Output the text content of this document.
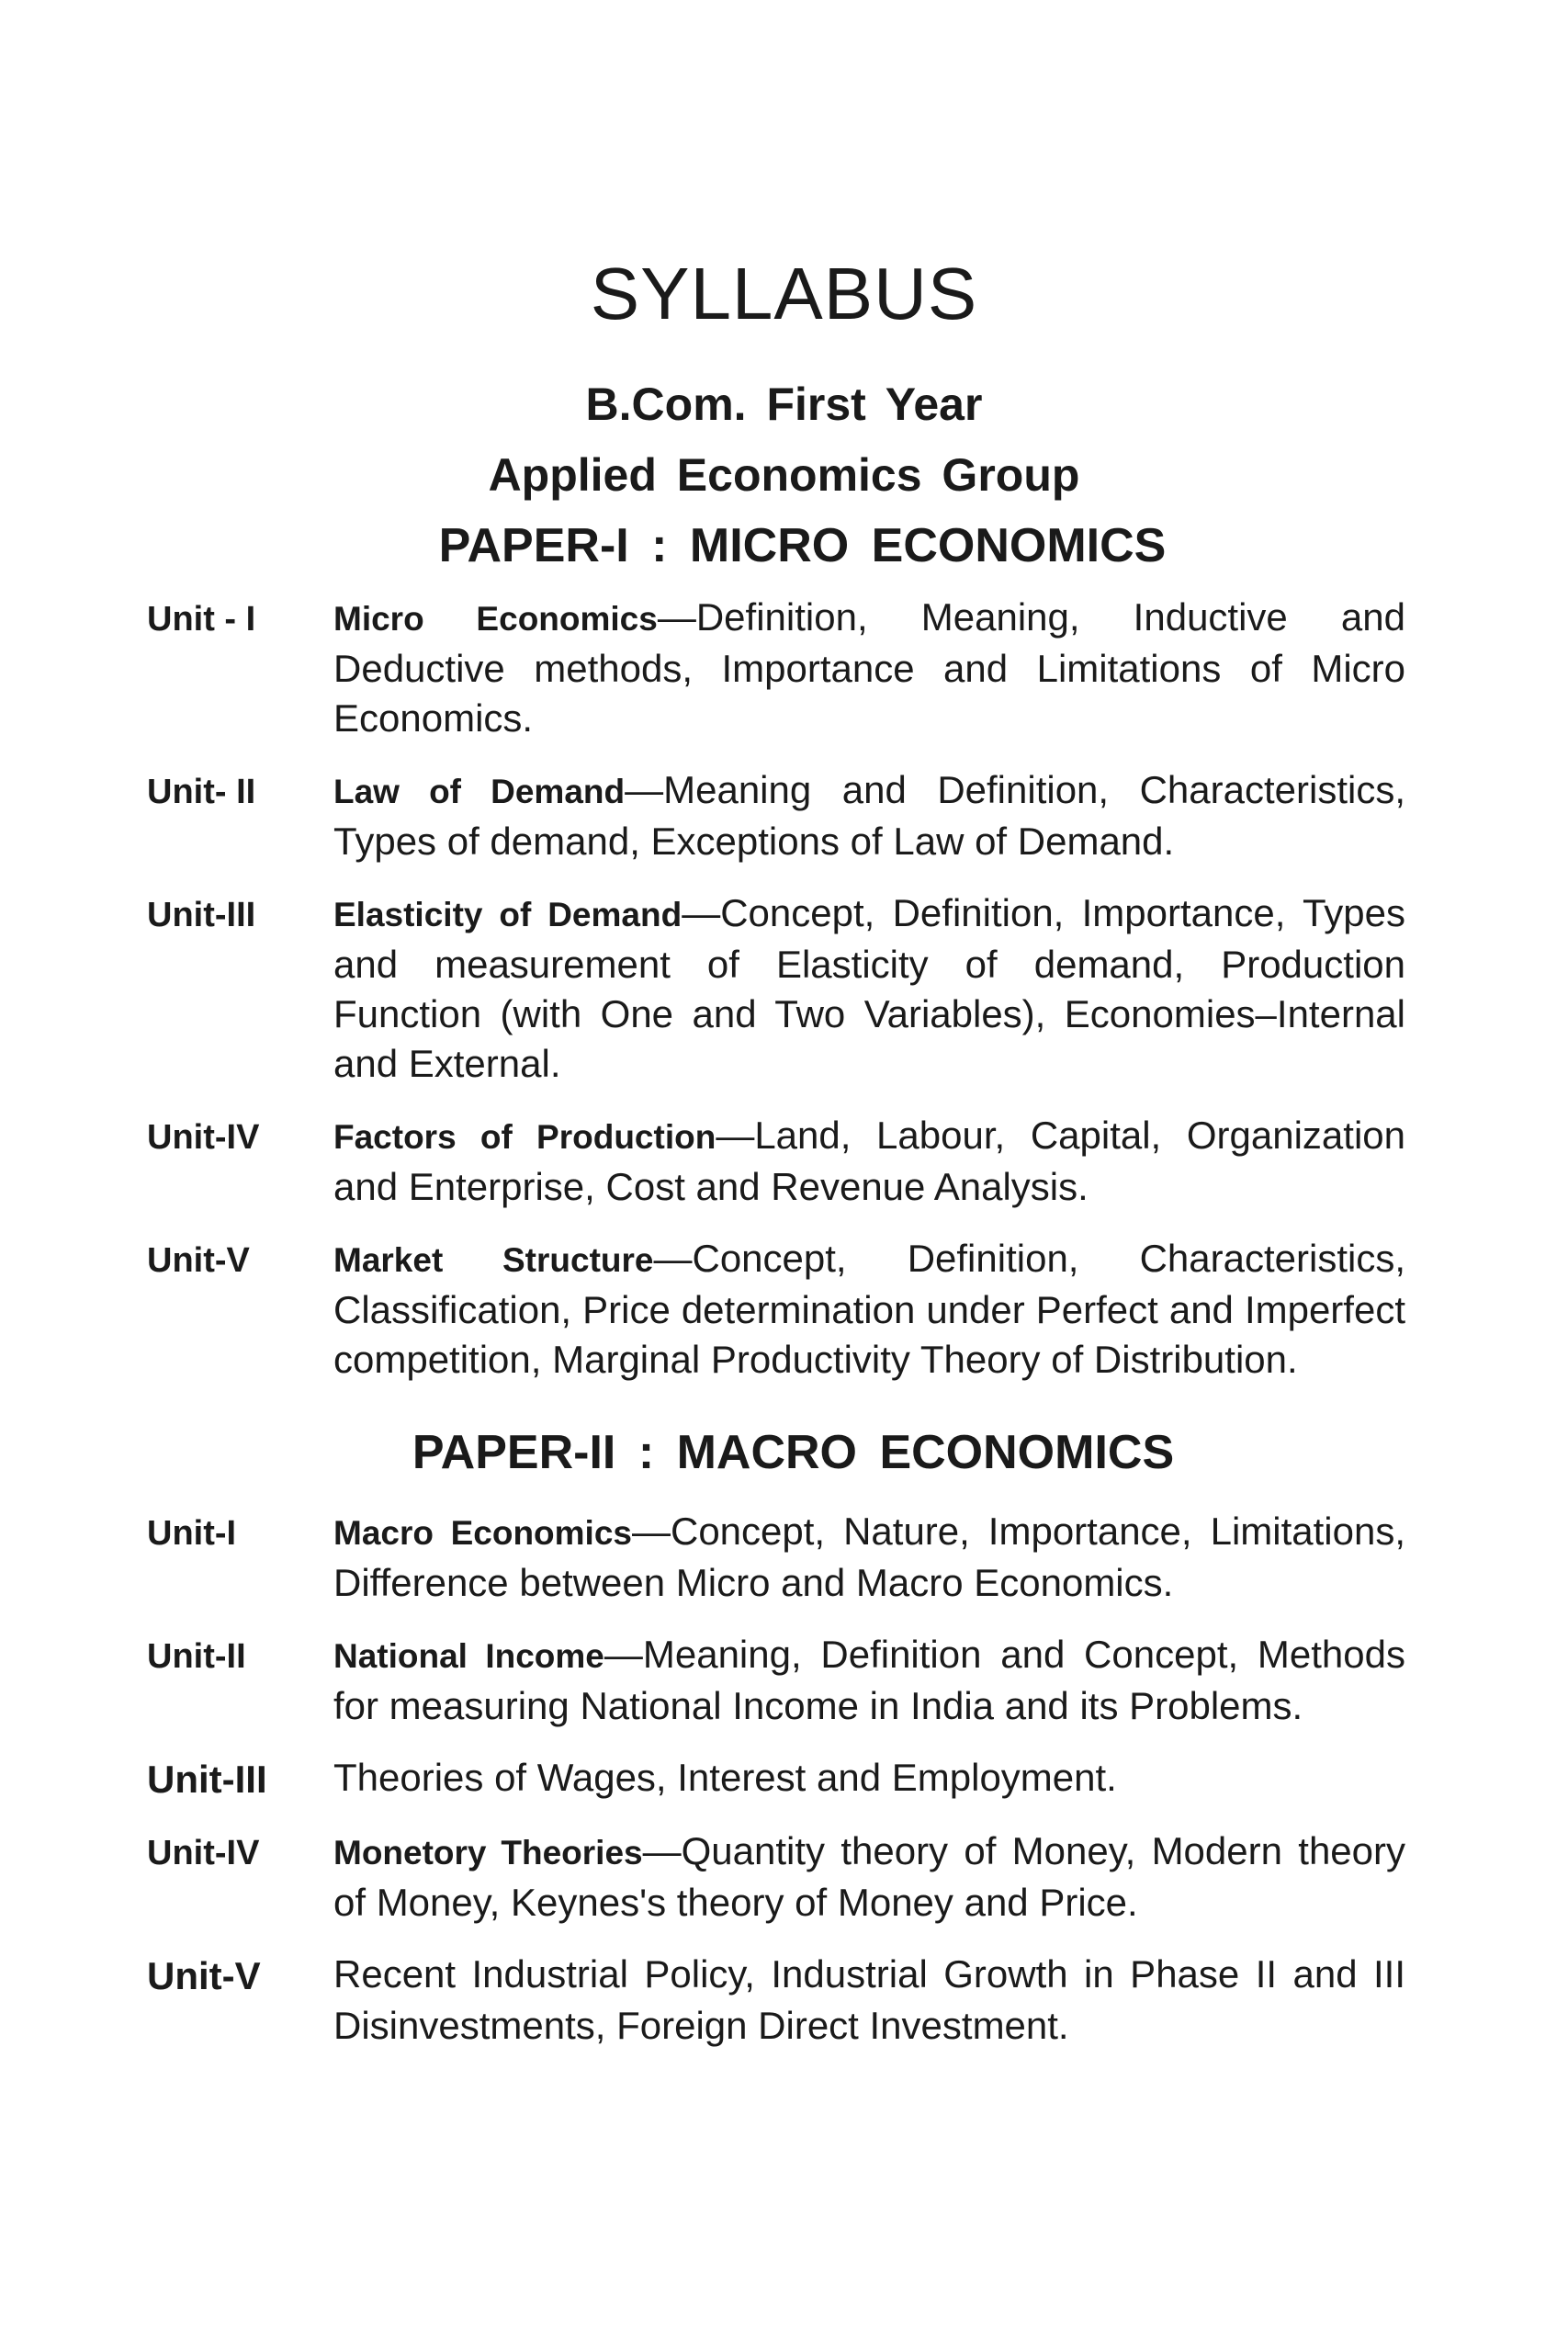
SYLLABUS
B.Com. First Year
Applied Economics Group
PAPER-I : MICRO ECONOMICS
Unit - I	Micro Economics—Definition, Meaning, Inductive and Deductive methods, Importance and Limitations of Micro Economics.
Unit- II	Law of Demand—Meaning and Definition, Characteristics, Types of demand, Exceptions of Law of Demand.
Unit-III	Elasticity of Demand—Concept, Definition, Importance, Types and measurement of Elasticity of demand, Production Function (with One and Two Variables), Economies–Internal and External.
Unit-IV	Factors of Production—Land, Labour, Capital, Organization and Enterprise, Cost and Revenue Analysis.
Unit-V	Market Structure—Concept, Definition, Characteristics, Classification, Price determination under Perfect and Imperfect competition, Marginal Productivity Theory of Distribution.
PAPER-II : MACRO ECONOMICS
Unit-I	Macro Economics—Concept, Nature, Importance, Limitations, Difference between Micro and Macro Economics.
Unit-II	National Income—Meaning, Definition and Concept, Methods for measuring National Income in India and its Problems.
Unit-III	Theories of Wages, Interest and Employment.
Unit-IV	Monetory Theories—Quantity theory of Money, Modern theory of Money, Keynes's theory of Money and Price.
Unit-V	Recent Industrial Policy, Industrial Growth in Phase II and III Disinvestments, Foreign Direct Investment.
